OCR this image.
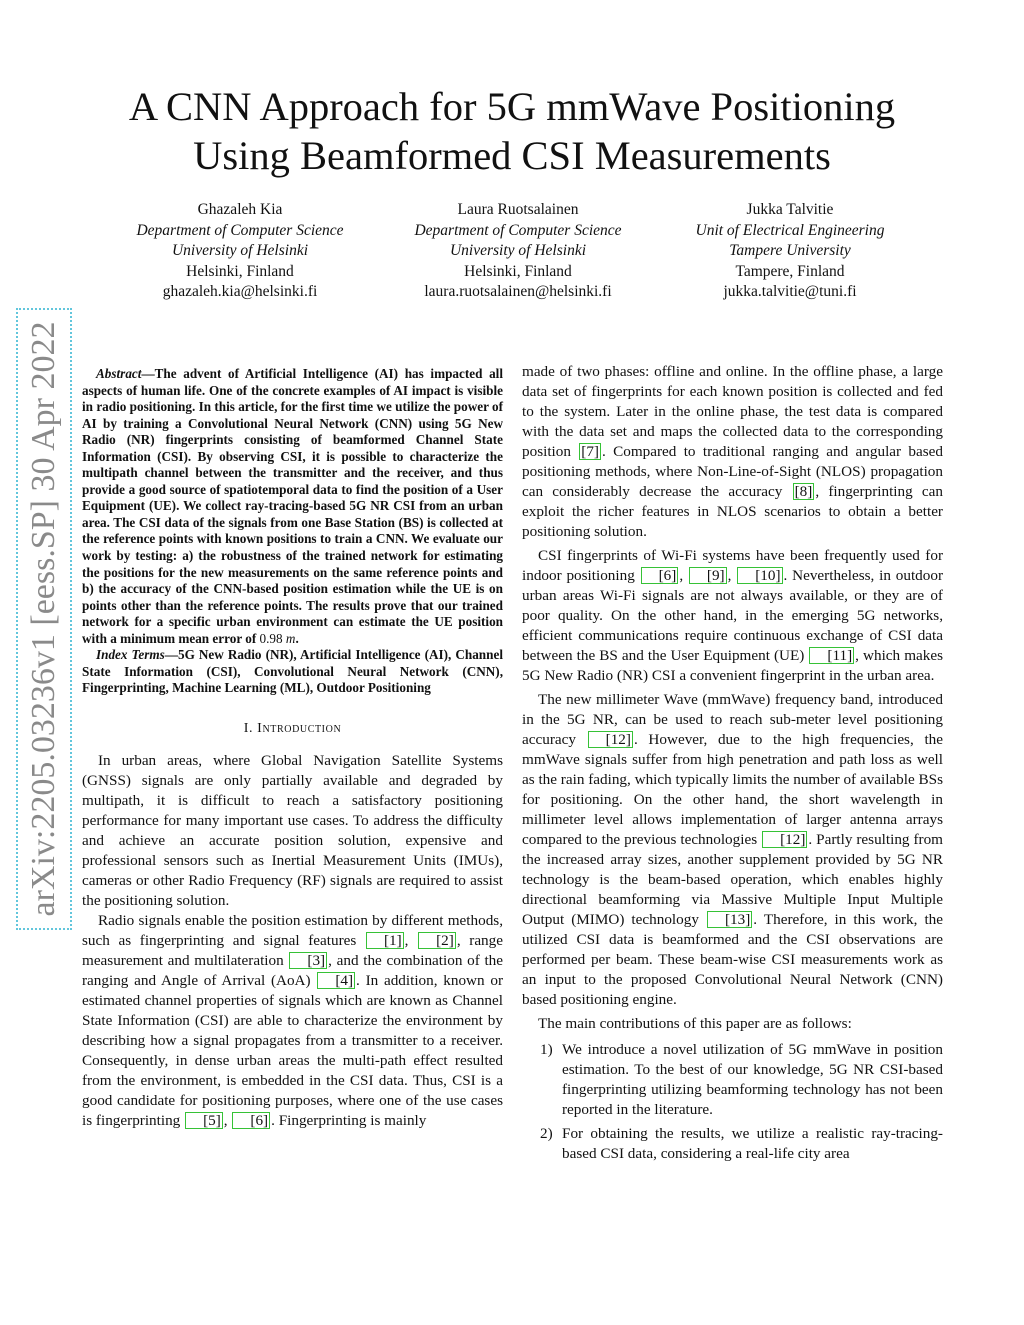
A CNN Approach for 5G mmWave Positioning
Using Beamformed CSI Measurements
Ghazaleh Kia
Department of Computer Science
University of Helsinki
Helsinki, Finland
ghazaleh.kia@helsinki.fi
Laura Ruotsalainen
Department of Computer Science
University of Helsinki
Helsinki, Finland
laura.ruotsalainen@helsinki.fi
Jukka Talvitie
Unit of Electrical Engineering
Tampere University
Tampere, Finland
jukka.talvitie@tuni.fi
arXiv:2205.03236v1 [eess.SP] 30 Apr 2022	Abstract—The advent of Artificial Intelligence (AI) has impacted all aspects of human life. One of the concrete examples of AI impact is visible in radio positioning. In this article, for the first time we utilize the power of AI by training a Convolutional Neural Network (CNN) using 5G New Radio (NR) fingerprints consisting of beamformed Channel State Information (CSI). By observing CSI, it is possible to characterize the multipath channel between the transmitter and the receiver, and thus provide a good source of spatiotemporal data to find the position of a User Equipment (UE). We collect ray-tracing-based 5G NR CSI from an urban area. The CSI data of the signals from one Base Station (BS) is collected at the reference points with known positions to train a CNN. We evaluate our work by testing: a) the robustness of the trained network for estimating the positions for the new measurements on the same reference points and b) the accuracy of the CNN-based position estimation while the UE is on points other than the reference points. The results prove that our trained network for a specific urban environment can estimate the UE position with a minimum mean error of 0.98 m.

Index Terms—5G New Radio (NR), Artificial Intelligence (AI), Channel State Information (CSI), Convolutional Neural Network (CNN), Fingerprinting, Machine Learning (ML), Outdoor Positioning

I. Introduction

In urban areas, where Global Navigation Satellite Systems (GNSS) signals are only partially available and degraded by multipath, it is difficult to reach a satisfactory positioning performance for many important use cases. To address the difficulty and achieve an accurate position solution, expensive and professional sensors such as Inertial Measurement Units (IMUs), cameras or other Radio Frequency (RF) signals are required to assist the positioning solution.

Radio signals enable the position estimation by different methods, such as fingerprinting and signal features [1] , [2] , range measurement and multilateration [3] , and the combination of the ranging and Angle of Arrival (AoA) [4] . In addition, known or estimated channel properties of signals which are known as Channel State Information (CSI) are able to characterize the environment by describing how a signal propagates from a transmitter to a receiver. Consequently, in dense urban areas the multi-path effect resulted from the environment, is embedded in the CSI data. Thus, CSI is a good candidate for positioning purposes, where one of the use cases is fingerprinting [5] , [6] . Fingerprinting is mainly

made of two phases: offline and online. In the offline phase, a large data set of fingerprints for each known position is collected and fed to the system. Later in the online phase, the test data is compared with the data set and maps the collected data to the corresponding position [7] . Compared to traditional ranging and angular based positioning methods, where Non-Line-of-Sight (NLOS) propagation can considerably decrease the accuracy [8] , fingerprinting can exploit the richer features in NLOS scenarios to obtain a better positioning solution.

CSI fingerprints of Wi-Fi systems have been frequently used for indoor positioning [6] , [9] , [10] . Nevertheless, in outdoor urban areas Wi-Fi signals are not always available, or they are of poor quality. On the other hand, in the emerging 5G networks, efficient communications require continuous exchange of CSI data between the BS and the User Equipment (UE) [11] , which makes 5G New Radio (NR) CSI a convenient fingerprint in the urban area.

The new millimeter Wave (mmWave) frequency band, introduced in the 5G NR, can be used to reach sub-meter level positioning accuracy [12] . However, due to the high frequencies, the mmWave signals suffer from high penetration and path loss as well as the rain fading, which typically limits the number of available BSs for positioning. On the other hand, the short wavelength in millimeter level allows implementation of larger antenna arrays compared to the previous technologies [12] . Partly resulting from the increased array sizes, another supplement provided by 5G NR technology is the beam-based operation, which enables highly directional beamforming via Massive Multiple Input Multiple Output (MIMO) technology [13] . Therefore, in this work, the utilized CSI data is beamformed and the CSI observations are performed per beam. These beam-wise CSI measurements work as an input to the proposed Convolutional Neural Network (CNN) based positioning engine.

The main contributions of this paper are as follows:

1) We introduce a novel utilization of 5G mmWave in position estimation. To the best of our knowledge, 5G NR CSI-based fingerprinting utilizing beamforming technology has not been reported in the literature.
2) For obtaining the results, we utilize a realistic ray-tracing-based CSI data, considering a real-life city area
